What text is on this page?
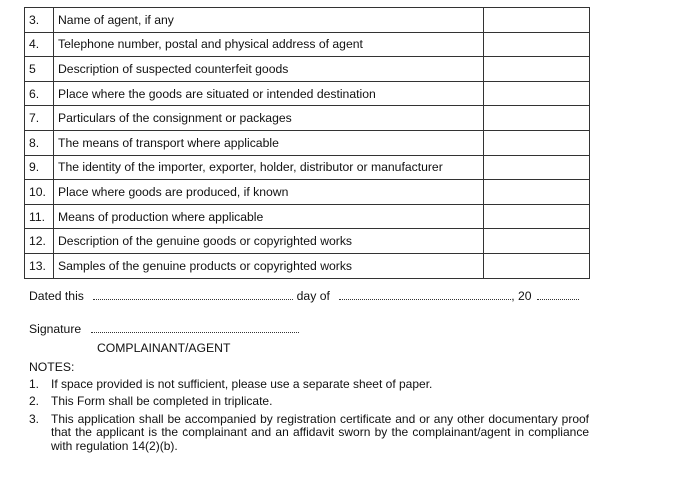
3.	Name of agent, if any	
4.	Telephone number, postal and physical address of agent	
5	Description of suspected counterfeit goods	
6.	Place where the goods are situated or intended destination	
7.	Particulars of the consignment or packages	
8.	The means of transport where applicable	
9.	The identity of the importer, exporter, holder, distributor or manufacturer	
10.	Place where goods are produced, if known	
11.	Means of production where applicable	
12.	Description of the genuine goods or copyrighted works	
13.	Samples of the genuine products or copyrighted works	
Dated this	day of	, 20
Signature
COMPLAINANT/AGENT
NOTES:
1. If space provided is not sufficient, please use a separate sheet of paper.
2. This Form shall be completed in triplicate.
3. This application shall be accompanied by registration certificate and or any other documentary proof that the applicant is the complainant and an affidavit sworn by the complainant/agent in compliance with regulation 14(2)(b).
